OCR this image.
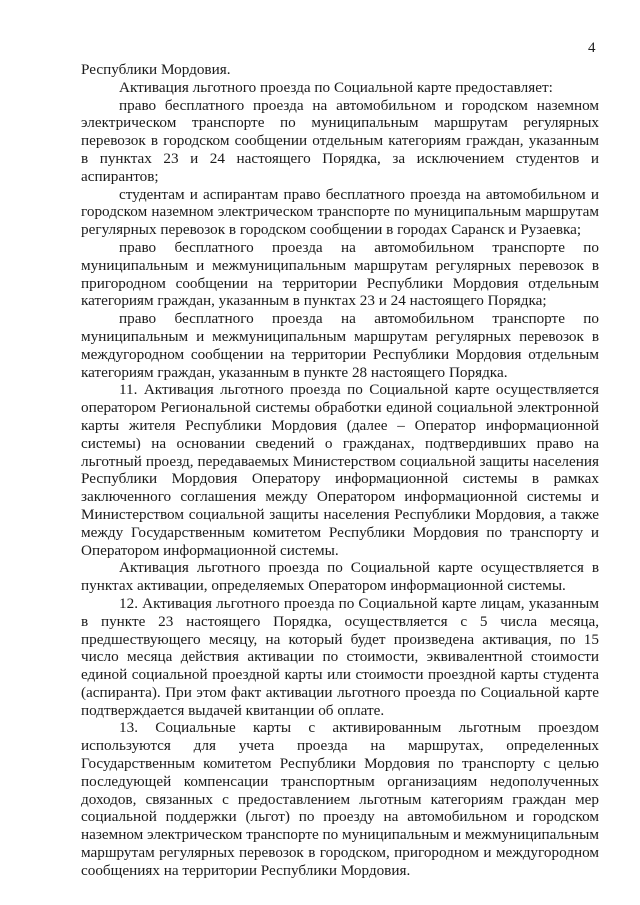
4

Республики Мордовия.

Активация льготного проезда по Социальной карте предоставляет:

право бесплатного проезда на автомобильном и городском наземном электрическом транспорте по муниципальным маршрутам регулярных перевозок в городском сообщении отдельным категориям граждан, указанным в пунктах 23 и 24 настоящего Порядка, за исключением студентов и аспирантов;

студентам и аспирантам право бесплатного проезда на автомобильном и городском наземном электрическом транспорте по муниципальным маршрутам регулярных перевозок в городском сообщении в городах Саранск и Рузаевка;

право бесплатного проезда на автомобильном транспорте по муниципальным и межмуниципальным маршрутам регулярных перевозок в пригородном сообщении на территории Республики Мордовия отдельным категориям граждан, указанным в пунктах 23 и 24 настоящего Порядка;

право бесплатного проезда на автомобильном транспорте по муниципальным и межмуниципальным маршрутам регулярных перевозок в междугородном сообщении на территории Республики Мордовия отдельным категориям граждан, указанным в пункте 28 настоящего Порядка.

11. Активация льготного проезда по Социальной карте осуществляется оператором Региональной системы обработки единой социальной электронной карты жителя Республики Мордовия (далее – Оператор информационной системы) на основании сведений о гражданах, подтвердивших право на льготный проезд, передаваемых Министерством социальной защиты населения Республики Мордовия Оператору информационной системы в рамках заключенного соглашения между Оператором информационной системы и Министерством социальной защиты населения Республики Мордовия, а также между Государственным комитетом Республики Мордовия по транспорту и Оператором информационной системы.

Активация льготного проезда по Социальной карте осуществляется в пунктах активации, определяемых Оператором информационной системы.

12. Активация льготного проезда по Социальной карте лицам, указанным в пункте 23 настоящего Порядка, осуществляется с 5 числа месяца, предшествующего месяцу, на который будет произведена активация, по 15 число месяца действия активации по стоимости, эквивалентной стоимости единой социальной проездной карты или стоимости проездной карты студента (аспиранта). При этом факт активации льготного проезда по Социальной карте подтверждается выдачей квитанции об оплате.

13. Социальные карты с активированным льготным проездом используются для учета проезда на маршрутах, определенных Государственным комитетом Республики Мордовия по транспорту с целью последующей компенсации транспортным организациям недополученных доходов, связанных с предоставлением льготным категориям граждан мер социальной поддержки (льгот) по проезду на автомобильном и городском наземном электрическом транспорте по муниципальным и межмуниципальным маршрутам регулярных перевозок в городском, пригородном и междугородном сообщениях на территории Республики Мордовия.
